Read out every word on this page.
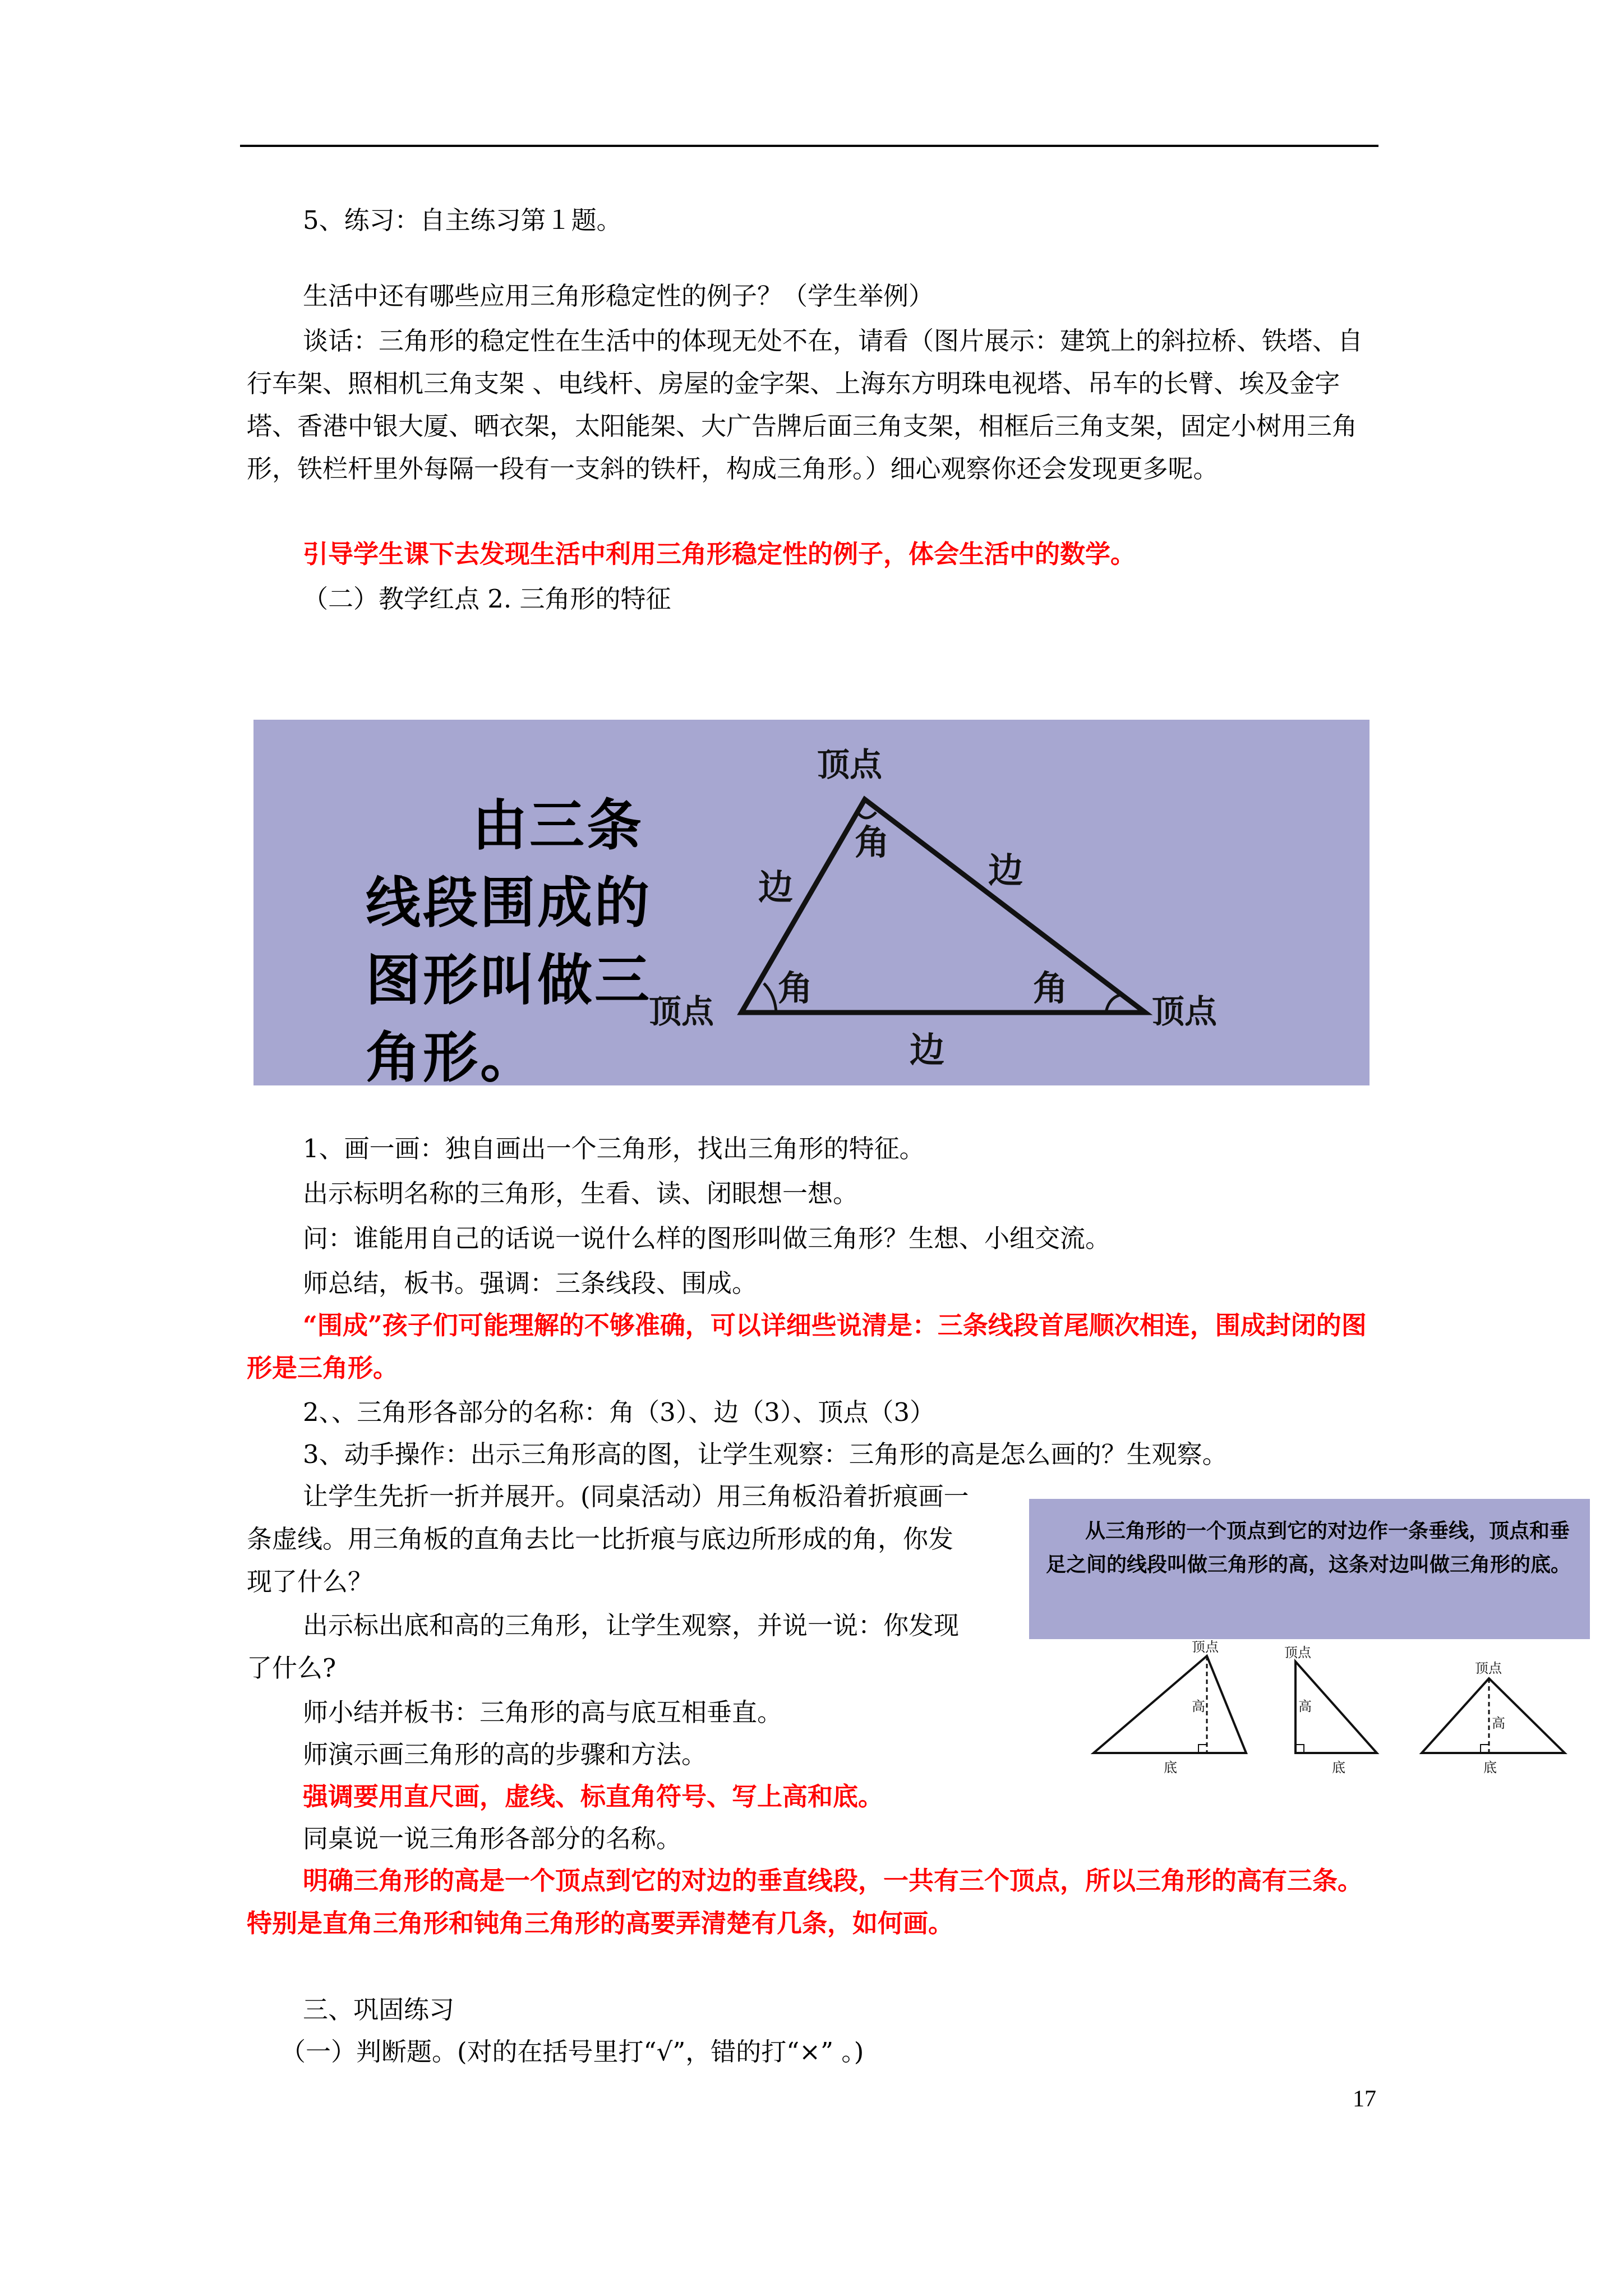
5、练习：自主练习第１题。

生活中还有哪些应用三角形稳定性的例子？（学生举例）

谈话：三角形的稳定性在生活中的体现无处不在，请看（图片展示：建筑上的斜拉桥、铁塔、自行车架、照相机三角支架 、电线杆、房屋的金字架、上海东方明珠电视塔、吊车的长臂、埃及金字塔、香港中银大厦、晒衣架，太阳能架、大广告牌后面三角支架，相框后三角支架，固定小树用三角形，铁栏杆里外每隔一段有一支斜的铁杆，构成三角形。）细心观察你还会发现更多呢。

引导学生课下去发现生活中利用三角形稳定性的例子，体会生活中的数学。

（二）教学红点 2. 三角形的特征

由三条
线段围成的
图形叫做三
角形。
顶点
顶点	顶点
角
角	角
边	边
边

1、画一画：独自画出一个三角形，找出三角形的特征。

出示标明名称的三角形，生看、读、闭眼想一想。

问：谁能用自己的话说一说什么样的图形叫做三角形？生想、小组交流。

师总结，板书。强调：三条线段、围成。

“围成”孩子们可能理解的不够准确，可以详细些说清是：三条线段首尾顺次相连，围成封闭的图形是三角形。

2、、三角形各部分的名称：角（3）、边（3）、顶点（3）

3、动手操作：出示三角形高的图，让学生观察：三角形的高是怎么画的？生观察。

让学生先折一折并展开。(同桌活动）用三角板沿着折痕画一条虚线。用三角板的直角去比一比折痕与底边所形成的角，你发现了什么？

出示标出底和高的三角形，让学生观察，并说一说：你发现了什么?

师小结并板书：三角形的高与底互相垂直。

师演示画三角形的高的步骤和方法。

强调要用直尺画，虚线、标直角符号、写上高和底。

同桌说一说三角形各部分的名称。

明确三角形的高是一个顶点到它的对边的垂直线段，一共有三个顶点，所以三角形的高有三条。特别是直角三角形和钝角三角形的高要弄清楚有几条，如何画。

从三角形的一个顶点到它的对边作一条垂线，顶点和垂足之间的线段叫做三角形的高，这条对边叫做三角形的底。
顶点
高
底
顶点
高
底
顶点
高
底

三、巩固练习

（一）判断题。(对的在括号里打“√”，错的打“×” 。)

17
